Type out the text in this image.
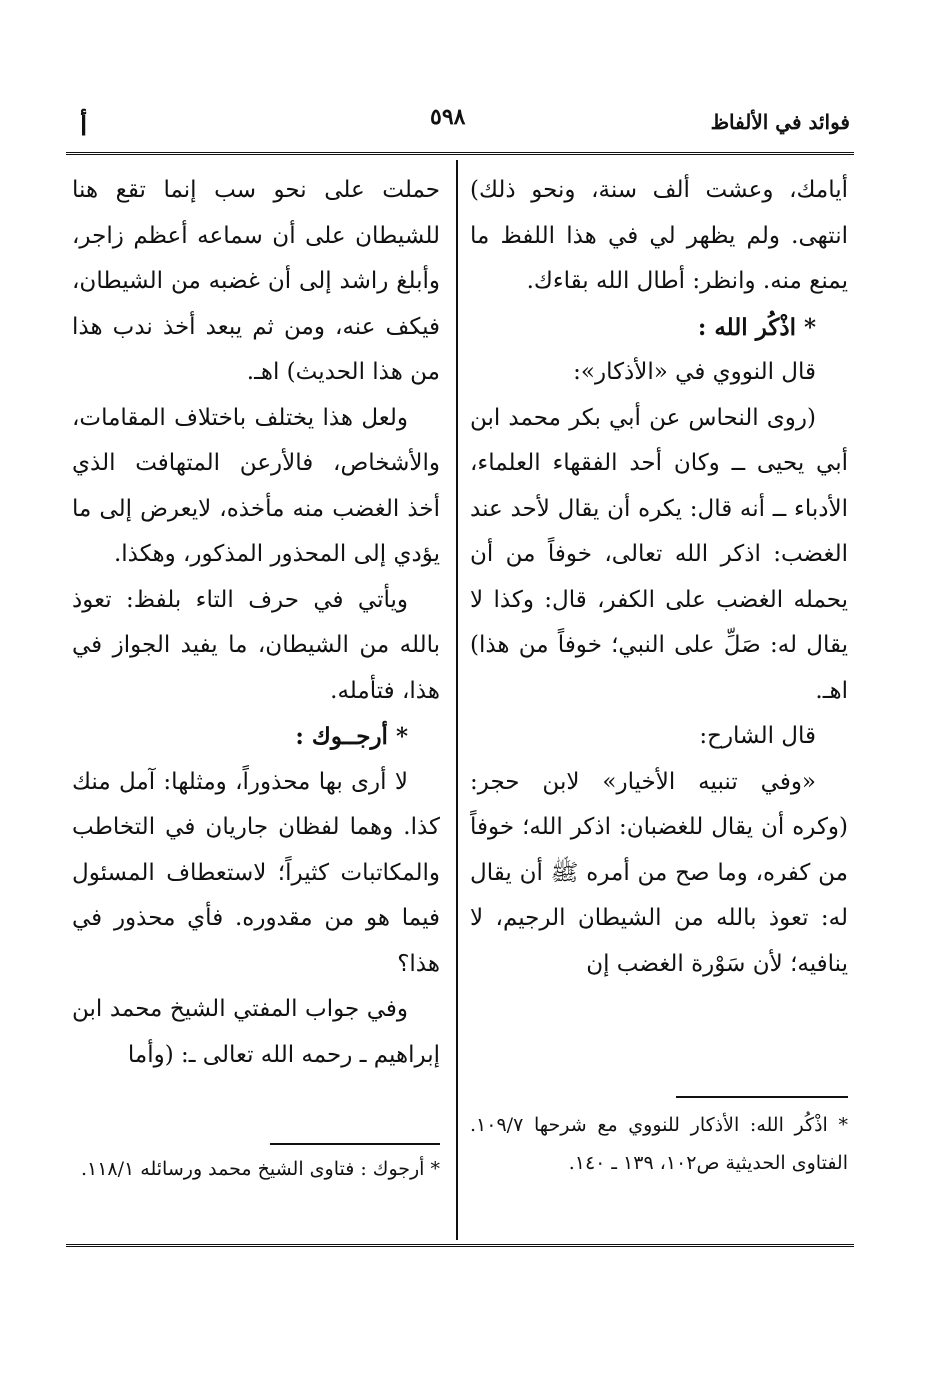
فوائد في الألفاظ
٥٩٨
أ

أيامك، وعشت ألف سنة، ونحو ذلك) انتهى. ولم يظهر لي في هذا اللفظ ما يمنع منه. وانظر: أطال الله بقاءك.

* اذْكُر الله :

قال النووي في «الأذكار»:

(روى النحاس عن أبي بكر محمد ابن أبي يحيى ــ وكان أحد الفقهاء العلماء، الأدباء ــ أنه قال: يكره أن يقال لأحد عند الغضب: اذكر الله تعالى، خوفاً من أن يحمله الغضب على الكفر، قال: وكذا لا يقال له: صَلِّ على النبي؛ خوفاً من هذا) اهـ.

قال الشارح:

«وفي تنبيه الأخيار» لابن حجر: (وكره أن يقال للغضبان: اذكر الله؛ خوفاً من كفره، وما صح من أمره ﷺ أن يقال له: تعوذ بالله من الشيطان الرجيم، لا ينافيه؛ لأن سَوْرة الغضب إن

حملت على نحو سب إنما تقع هنا للشيطان على أن سماعه أعظم زاجر، وأبلغ راشد إلى أن غضبه من الشيطان، فيكف عنه، ومن ثم يبعد أخذ ندب هذا من هذا الحديث) اهـ.

ولعل هذا يختلف باختلاف المقامات، والأشخاص، فالأرعن المتهافت الذي أخذ الغضب منه مأخذه، لايعرض إلى ما يؤدي إلى المحذور المذكور، وهكذا.

ويأتي في حرف التاء بلفظ: تعوذ بالله من الشيطان، ما يفيد الجواز في هذا، فتأمله.

* أرجــوك :

لا أرى بها محذوراً، ومثلها: آمل منك كذا. وهما لفظان جاريان في التخاطب والمكاتبات كثيراً؛ لاستعطاف المسئول فيما هو من مقدوره. فأي محذور في هذا؟

وفي جواب المفتي الشيخ محمد ابن إبراهيم ـ رحمه الله تعالى ـ: (وأما

* اذْكُر الله: الأذكار للنووي مع شرحها ١٠٩/٧. الفتاوى الحديثية ص١٠٢، ١٣٩ ـ ١٤٠.
* أرجوك : فتاوى الشيخ محمد ورسائله ١١٨/١.
